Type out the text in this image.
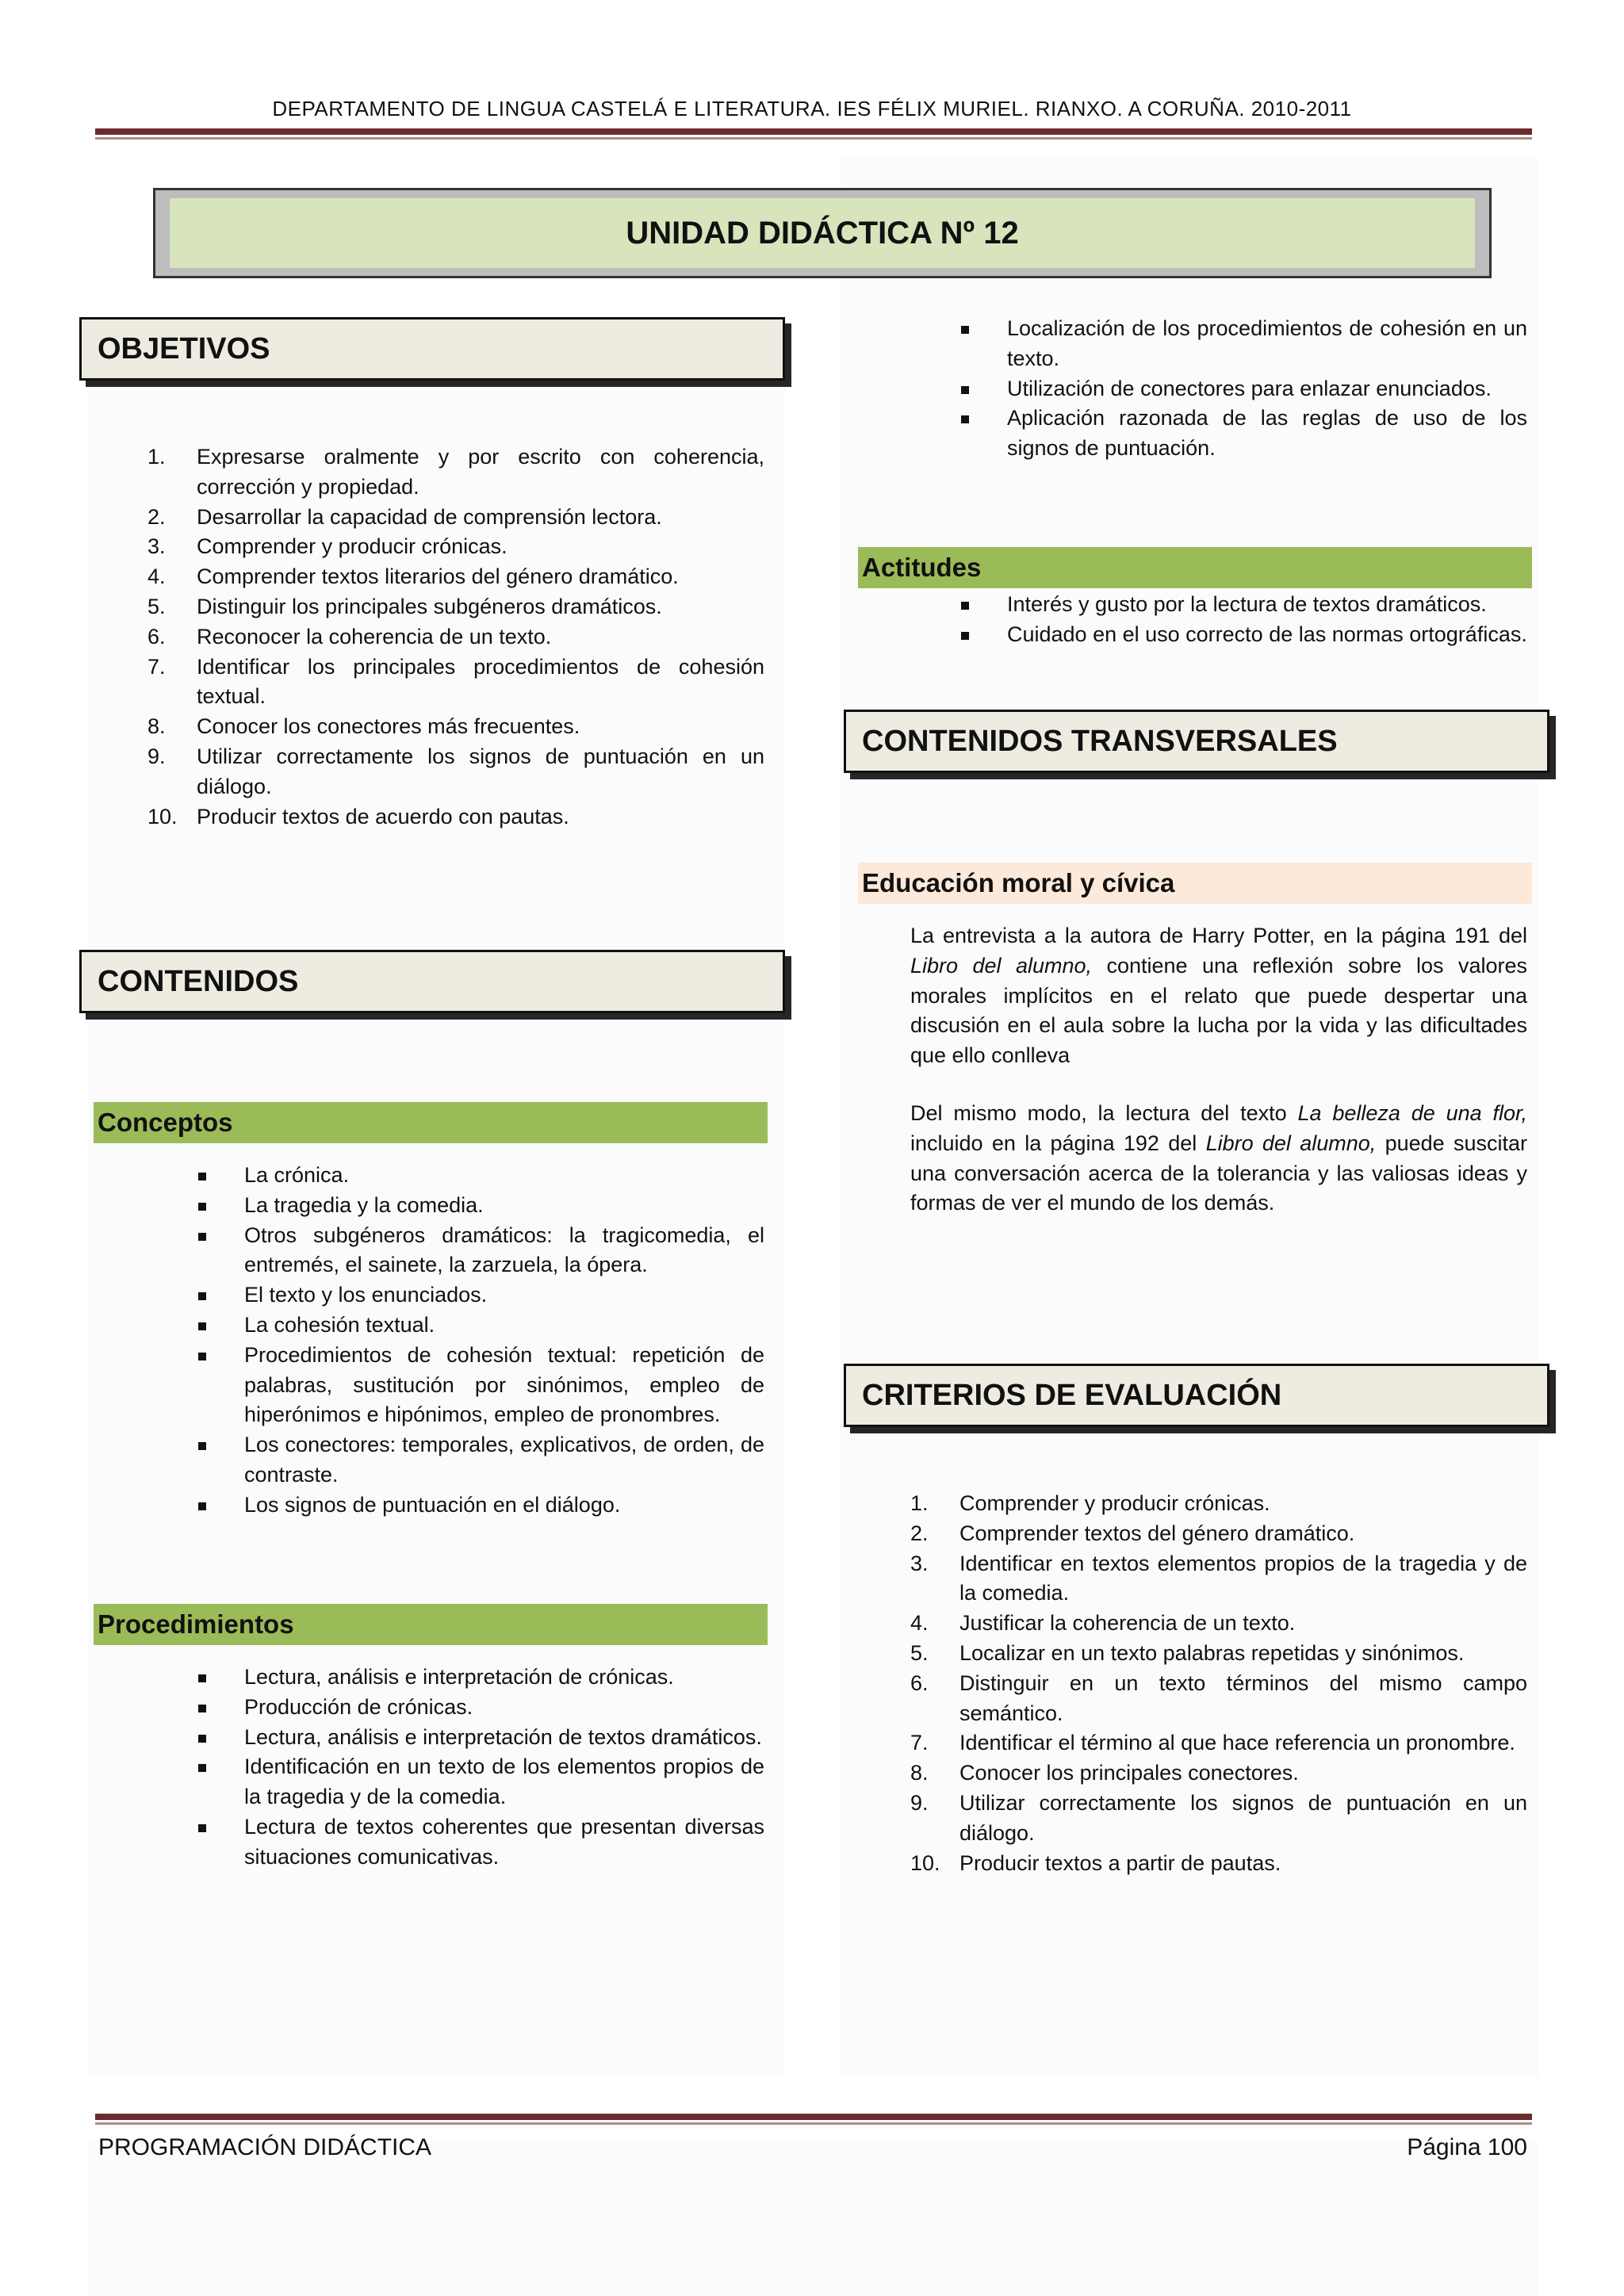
DEPARTAMENTO DE LINGUA CASTELÁ E LITERATURA. IES FÉLIX MURIEL. RIANXO. A CORUÑA. 2010-2011
UNIDAD DIDÁCTICA Nº 12
OBJETIVOS
1.	Expresarse oralmente y por escrito con coherencia, corrección y propiedad.
2.	Desarrollar la capacidad de comprensión lectora.
3.	Comprender y producir crónicas.
4.	Comprender textos literarios del género dramático.
5.	Distinguir los principales subgéneros dramáticos.
6.	Reconocer la coherencia de un texto.
7.	Identificar los principales procedimientos de cohesión textual.
8.	Conocer los conectores más frecuentes.
9.	Utilizar correctamente los signos de puntuación en un diálogo.
10. Producir textos de acuerdo con pautas.
CONTENIDOS
Conceptos
La crónica.
La tragedia y la comedia.
Otros subgéneros dramáticos: la tragicomedia, el entremés, el sainete, la zarzuela, la ópera.
El texto y los enunciados.
La cohesión textual.
Procedimientos de cohesión textual: repetición de palabras, sustitución por sinónimos, empleo de hiperónimos e hipónimos, empleo de pronombres.
Los conectores: temporales, explicativos, de orden, de contraste.
Los signos de puntuación en el diálogo.
Procedimientos
Lectura, análisis e interpretación de crónicas.
Producción de crónicas.
Lectura, análisis e interpretación de textos dramáticos.
Identificación en un texto de los elementos propios de la tragedia y de la comedia.
Lectura de textos coherentes que presentan diversas situaciones comunicativas.
Localización de los procedimientos de cohesión en un texto.
Utilización de conectores para enlazar enunciados.
Aplicación razonada de las reglas de uso de los signos de puntuación.
Actitudes
Interés y gusto por la lectura de textos dramáticos.
Cuidado en el uso correcto de las normas ortográficas.
CONTENIDOS TRANSVERSALES
Educación moral y cívica
La entrevista a la autora de Harry Potter, en la página 191 del Libro del alumno, contiene una reflexión sobre los valores morales implícitos en el relato que puede despertar una discusión en el aula sobre la lucha por la vida y las dificultades que ello conlleva
Del mismo modo, la lectura del texto La belleza de una flor, incluido en la página 192 del Libro del alumno, puede suscitar una conversación acerca de la tolerancia y las valiosas ideas y formas de ver el mundo de los demás.
CRITERIOS DE EVALUACIÓN
1.	Comprender y producir crónicas.
2.	Comprender textos del género dramático.
3.	Identificar en textos elementos propios de la tragedia y de la comedia.
4.	Justificar la coherencia de un texto.
5.	Localizar en un texto palabras repetidas y sinónimos.
6.	Distinguir en un texto términos del mismo campo semántico.
7.	Identificar el término al que hace referencia un pronombre.
8.	Conocer los principales conectores.
9.	Utilizar correctamente los signos de puntuación en un diálogo.
10. Producir textos a partir de pautas.
PROGRAMACIÓN DIDÁCTICA	Página 100
